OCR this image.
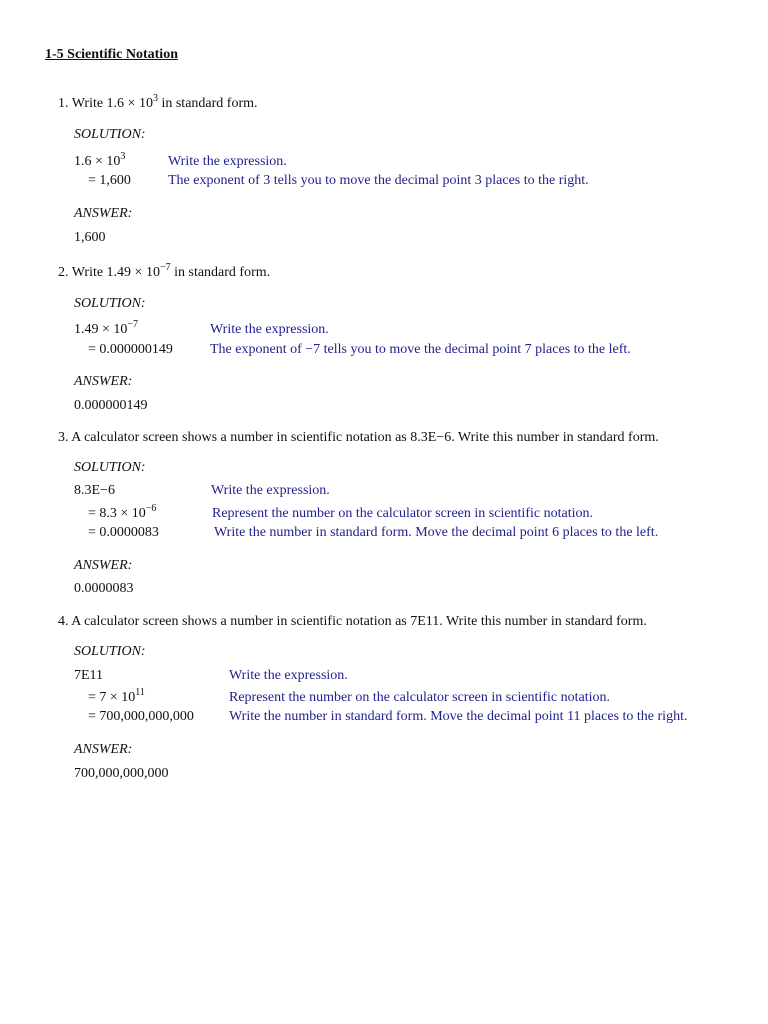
1-5 Scientific Notation
1. Write $1.6 \times 10^3$ in standard form.
SOLUTION:
$1.6 \times 10^3$	Write the expression.
= 1,600	The exponent of 3 tells you to move the decimal point 3 places to the right.
ANSWER:
1,600
2. Write $1.49 \times 10^{-7}$ in standard form.
SOLUTION:
$1.49 \times 10^{-7}$	Write the expression.
= 0.000000149	The exponent of −7 tells you to move the decimal point 7 places to the left.
ANSWER:
0.000000149
3. A calculator screen shows a number in scientific notation as 8.3E−6. Write this number in standard form.
SOLUTION:
8.3E−6	Write the expression.
= $8.3 \times 10^{-6}$	Represent the number on the calculator screen in scientific notation.
= 0.0000083	Write the number in standard form. Move the decimal point 6 places to the left.
ANSWER:
0.0000083
4. A calculator screen shows a number in scientific notation as 7E11. Write this number in standard form.
SOLUTION:
7E11	Write the expression.
= $7 \times 10^{11}$	Represent the number on the calculator screen in scientific notation.
= 700,000,000,000	Write the number in standard form. Move the decimal point 11 places to the right.
ANSWER:
700,000,000,000
